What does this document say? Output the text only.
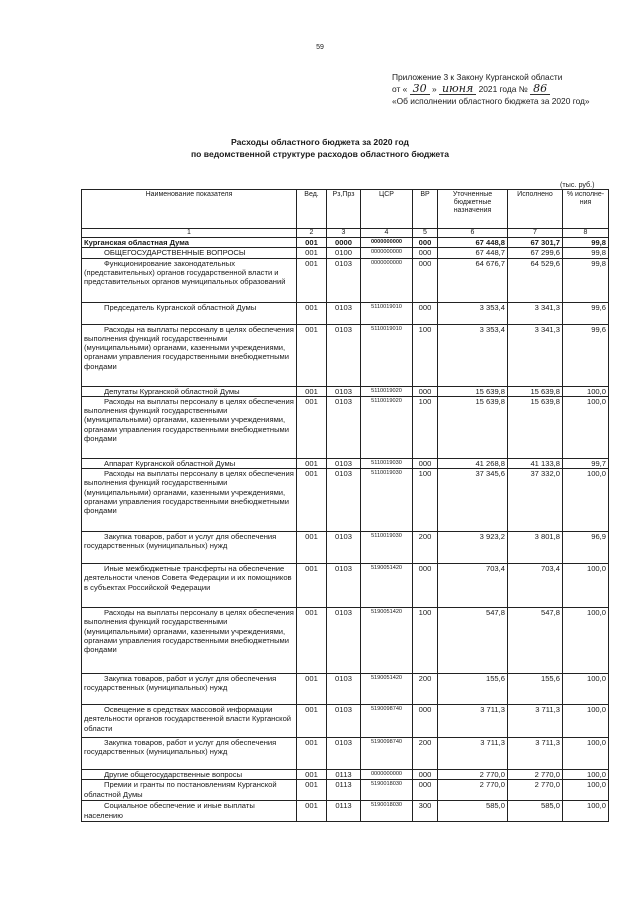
59
Приложение 3 к Закону Курганской области
от « 30 » июня 2021 года № 86
«Об исполнении областного бюджета за 2020 год»
Расходы областного бюджета за 2020 год
по ведомственной структуре расходов областного бюджета
(тыс. руб.)
Наименование показателя	Вед.	Рз,Прз	ЦСР	ВР	Уточненные бюджетные назначения	Исполнено	% исполне-ния
1	2	3	4	5	6	7	8
Курганская областная Дума	001	0000	0000000000	000	67 448,8	67 301,7	99,8
ОБЩЕГОСУДАРСТВЕННЫЕ ВОПРОСЫ	001	0100	0000000000	000	67 448,7	67 299,6	99,8
Функционирование законодательных (представительных) органов государственной власти и представительных органов муниципальных образований	001	0103	0000000000	000	64 676,7	64 529,6	99,8
Председатель Курганской областной Думы	001	0103	5110019010	000	3 353,4	3 341,3	99,6
Расходы на выплаты персоналу в целях обеспечения выполнения функций государственными (муниципальными) органами, казенными учреждениями, органами управления государственными внебюджетными фондами	001	0103	5110019010	100	3 353,4	3 341,3	99,6
Депутаты Курганской областной Думы	001	0103	5110019020	000	15 639,8	15 639,8	100,0
Расходы на выплаты персоналу в целях обеспечения выполнения функций государственными (муниципальными) органами, казенными учреждениями, органами управления государственными внебюджетными фондами	001	0103	5110019020	100	15 639,8	15 639,8	100,0
Аппарат Курганской областной Думы	001	0103	5110019030	000	41 268,8	41 133,8	99,7
Расходы на выплаты персоналу в целях обеспечения выполнения функций государственными (муниципальными) органами, казенными учреждениями, органами управления государственными внебюджетными фондами	001	0103	5110019030	100	37 345,6	37 332,0	100,0
Закупка товаров, работ и услуг для обеспечения государственных (муниципальных) нужд	001	0103	5110019030	200	3 923,2	3 801,8	96,9
Иные межбюджетные трансферты на обеспечение деятельности членов Совета Федерации и их помощников в субъектах Российской Федерации	001	0103	5190051420	000	703,4	703,4	100,0
Расходы на выплаты персоналу в целях обеспечения выполнения функций государственными (муниципальными) органами, казенными учреждениями, органами управления государственными внебюджетными фондами	001	0103	5190051420	100	547,8	547,8	100,0
Закупка товаров, работ и услуг для обеспечения государственных (муниципальных) нужд	001	0103	5190051420	200	155,6	155,6	100,0
Освещение в средствах массовой информации деятельности органов государственной власти Курганской области	001	0103	5190098740	000	3 711,3	3 711,3	100,0
Закупка товаров, работ и услуг для обеспечения государственных (муниципальных) нужд	001	0103	5190098740	200	3 711,3	3 711,3	100,0
Другие общегосударственные вопросы	001	0113	0000000000	000	2 770,0	2 770,0	100,0
Премии и гранты по постановлениям Курганской областной Думы	001	0113	5190018030	000	2 770,0	2 770,0	100,0
Социальное обеспечение и иные выплаты населению	001	0113	5190018030	300	585,0	585,0	100,0
